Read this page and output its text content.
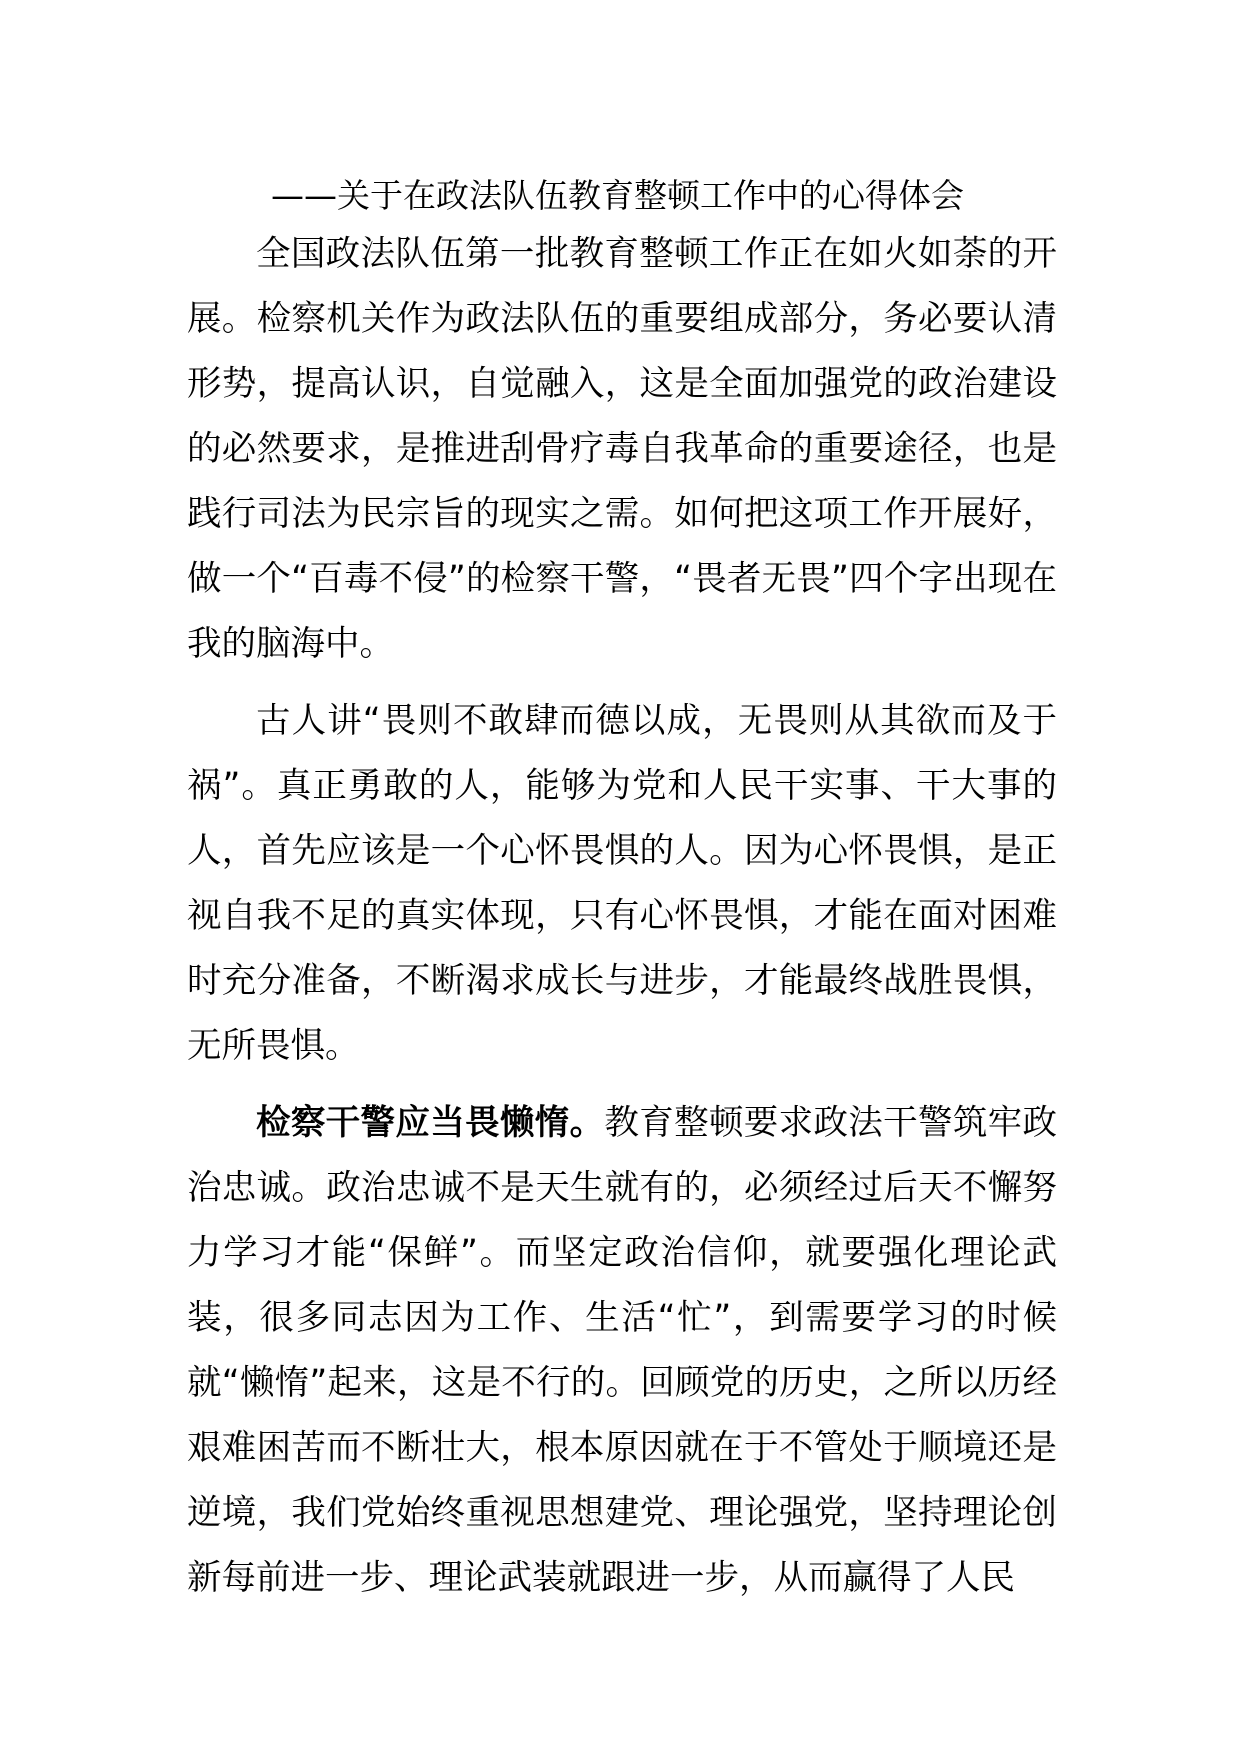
——关于在政法队伍教育整顿工作中的心得体会

全国政法队伍第一批教育整顿工作正在如火如荼的开展。检察机关作为政法队伍的重要组成部分，务必要认清形势，提高认识，自觉融入，这是全面加强党的政治建设的必然要求，是推进刮骨疗毒自我革命的重要途径，也是践行司法为民宗旨的现实之需。如何把这项工作开展好，做一个“百毒不侵”的检察干警，“畏者无畏”四个字出现在我的脑海中。

古人讲“畏则不敢肆而德以成，无畏则从其欲而及于祸”。真正勇敢的人，能够为党和人民干实事、干大事的人，首先应该是一个心怀畏惧的人。因为心怀畏惧，是正视自我不足的真实体现，只有心怀畏惧，才能在面对困难时充分准备，不断渴求成长与进步，才能最终战胜畏惧，无所畏惧。

检察干警应当畏懒惰。教育整顿要求政法干警筑牢政治忠诚。政治忠诚不是天生就有的，必须经过后天不懈努力学习才能“保鲜”。而坚定政治信仰，就要强化理论武装，很多同志因为工作、生活“忙”，到需要学习的时候就“懒惰”起来，这是不行的。回顾党的历史，之所以历经艰难困苦而不断壮大，根本原因就在于不管处于顺境还是逆境，我们党始终重视思想建党、理论强党，坚持理论创新每前进一步、理论武装就跟进一步，从而赢得了人民
